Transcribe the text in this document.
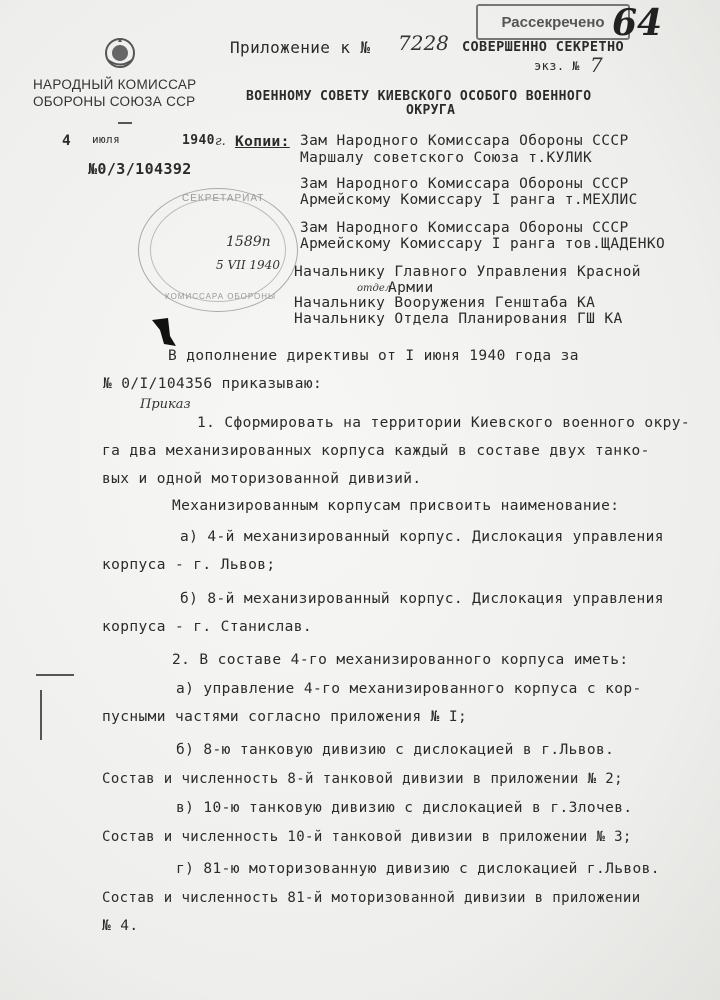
НАРОДНЫЙ КОМИССАР
ОБОРОНЫ СОЮЗА ССР
4 июля	1940 г.
№0/3/104392
Рассекречено 64
Приложение к № 7228 СОВЕРШЕННО СЕКРЕТНО
экз. № 7
ВОЕННОМУ СОВЕТУ КИЕВСКОГО ОСОБОГО ВОЕННОГО
ОКРУГА
Копии: Зам Народного Комиссара Обороны СССР
Маршалу советского Союза т.КУЛИК
Зам Народного Комиссара Обороны СССР
Армейскому Комиссару I ранга т.МЕХЛИС
Зам Народного Комиссара Обороны СССР
Армейскому Комиссару I ранга тов.ЩАДЕНКО
Начальнику Главного Управления Красной
Армии
отдел
Начальнику Вооружения Генштаба КА
Начальнику Отдела Планирования ГШ КА
СЕКРЕТАРИАТ
КОМИССАРА ОБОРОНЫ
1589п
5 VII 1940
Приказ
В дополнение директивы от I июня 1940 года за
№ 0/I/104356 приказываю:
1. Сформировать на территории Киевского военного окру-
га два механизированных корпуса каждый в составе двух танко-
вых и одной моторизованной дивизий.
Механизированным корпусам присвоить наименование:
а) 4-й механизированный корпус. Дислокация управления
корпуса - г. Львов;
б) 8-й механизированный корпус. Дислокация управления
корпуса - г. Станислав.
2. В составе 4-го механизированного корпуса иметь:
а) управление 4-го механизированного корпуса с кор-
пусными частями согласно приложения № I;
б) 8-ю танковую дивизию с дислокацией в г.Львов.
Состав и численность 8-й танковой дивизии в приложении № 2;
в) 10-ю танковую дивизию с дислокацией в г.Злочев.
Состав и численность 10-й танковой дивизии в приложении № 3;
г) 81-ю моторизованную дивизию с дислокацией г.Львов.
Состав и численность 81-й моторизованной дивизии в приложении
№ 4.
